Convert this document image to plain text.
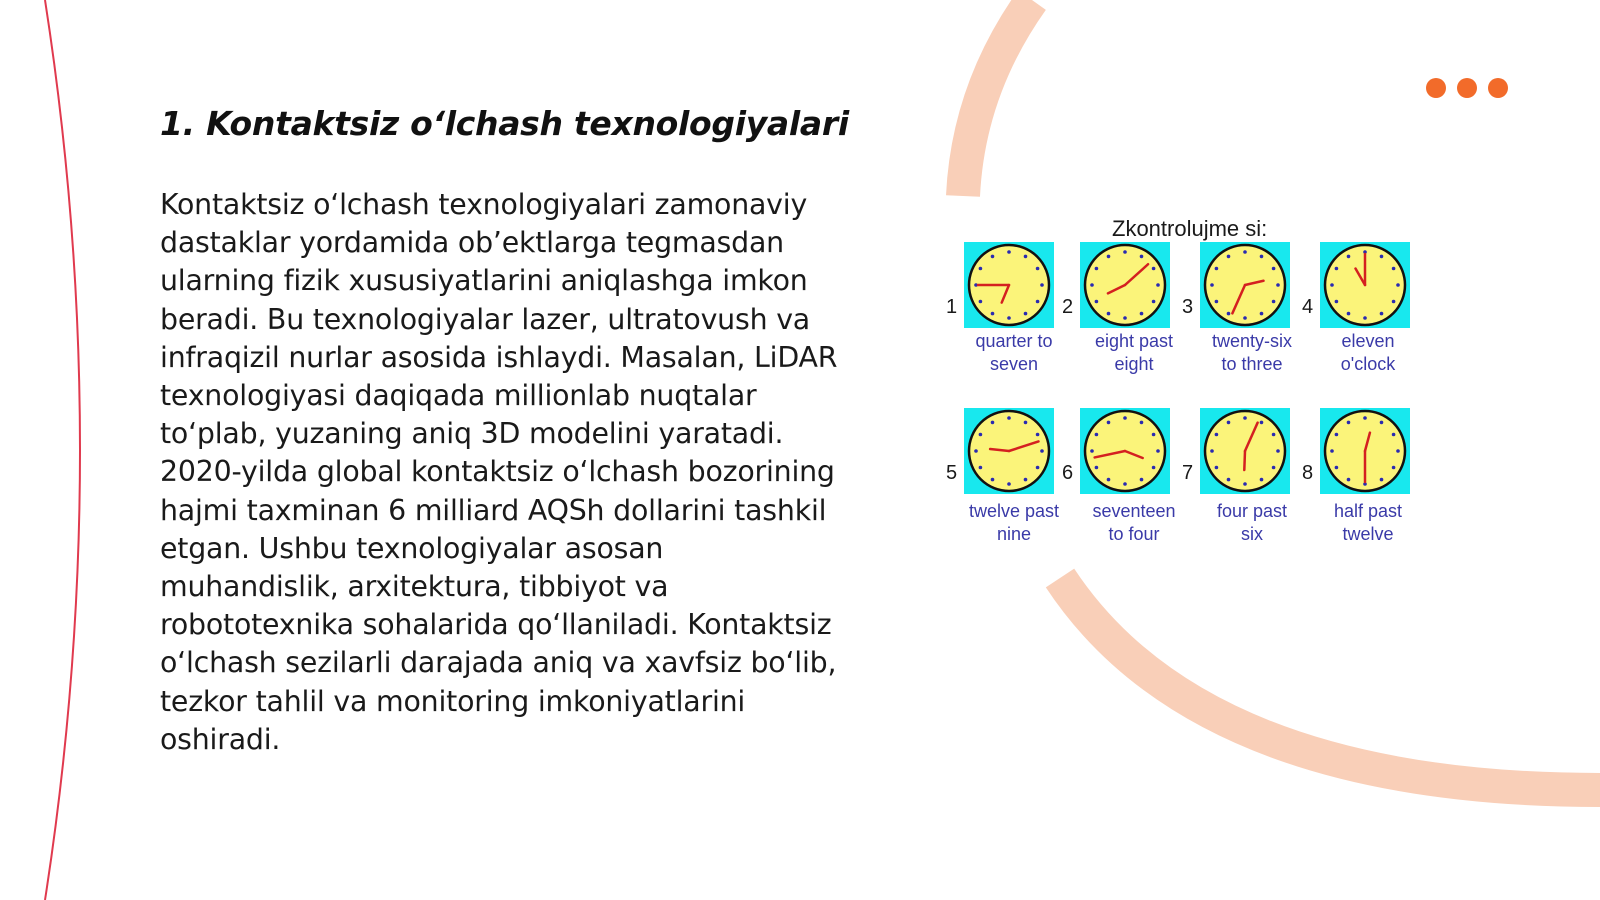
1. Kontaktsiz o‘lchash texnologiyalari

Kontaktsiz o‘lchash texnologiyalari zamonaviy dastaklar yordamida ob’ektlarga tegmasdan ularning fizik xususiyatlarini aniqlashga imkon beradi. Bu texnologiyalar lazer, ultratovush va infraqizil nurlar asosida ishlaydi. Masalan, LiDAR texnologiyasi daqiqada millionlab nuqtalar to‘plab, yuzaning aniq 3D modelini yaratadi. 2020-yilda global kontaktsiz o‘lchash bozorining hajmi taxminan 6 milliard AQSh dollarini tashkil etgan. Ushbu texnologiyalar asosan muhandislik, arxitektura, tibbiyot va robototexnika sohalarida qo‘llaniladi. Kontaktsiz o‘lchash sezilarli darajada aniq va xavfsiz bo‘lib, tezkor tahlil va monitoring imkoniyatlarini oshiradi.

Zkontrolujme si:
1
quarter to
seven
2
eight past
eight
3
twenty-six
to three
4
eleven
o'clock
5
twelve past
nine
6
seventeen
to four
7
four past
six
8
half past
twelve
